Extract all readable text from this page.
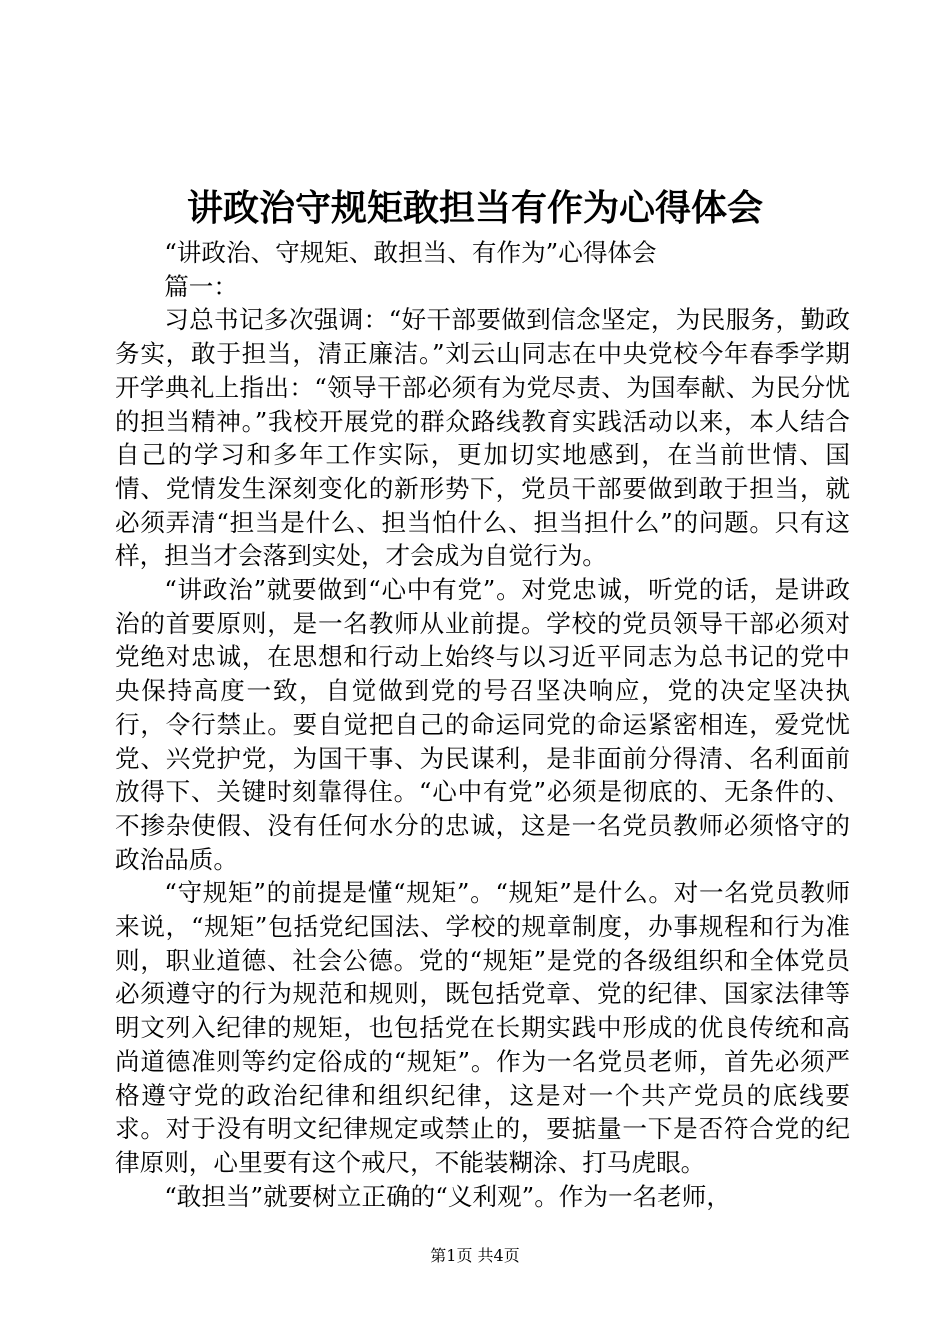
讲政治守规矩敢担当有作为心得体会

“讲政治、守规矩、敢担当、有作为”心得体会

篇一：

习总书记多次强调：“好干部要做到信念坚定，为民服务，勤政务实，敢于担当，清正廉洁。”刘云山同志在中央党校今年春季学期开学典礼上指出：“领导干部必须有为党尽责、为国奉献、为民分忧的担当精神。”我校开展党的群众路线教育实践活动以来，本人结合自己的学习和多年工作实际，更加切实地感到，在当前世情、国情、党情发生深刻变化的新形势下，党员干部要做到敢于担当，就必须弄清“担当是什么、担当怕什么、担当担什么”的问题。只有这样，担当才会落到实处，才会成为自觉行为。

“讲政治”就要做到“心中有党”。对党忠诚，听党的话，是讲政治的首要原则，是一名教师从业前提。学校的党员领导干部必须对党绝对忠诚，在思想和行动上始终与以习近平同志为总书记的党中央保持高度一致，自觉做到党的号召坚决响应，党的决定坚决执行，令行禁止。要自觉把自己的命运同党的命运紧密相连，爱党忧党、兴党护党，为国干事、为民谋利，是非面前分得清、名利面前放得下、关键时刻靠得住。“心中有党”必须是彻底的、无条件的、不掺杂使假、没有任何水分的忠诚，这是一名党员教师必须恪守的政治品质。

“守规矩”的前提是懂“规矩”。“规矩”是什么。对一名党员教师来说，“规矩”包括党纪国法、学校的规章制度，办事规程和行为准则，职业道德、社会公德。党的“规矩”是党的各级组织和全体党员必须遵守的行为规范和规则，既包括党章、党的纪律、国家法律等明文列入纪律的规矩，也包括党在长期实践中形成的优良传统和高尚道德准则等约定俗成的“规矩”。作为一名党员老师，首先必须严格遵守党的政治纪律和组织纪律，这是对一个共产党员的底线要求。对于没有明文纪律规定或禁止的，要掂量一下是否符合党的纪律原则，心里要有这个戒尺，不能装糊涂、打马虎眼。

“敢担当”就要树立正确的“义利观”。作为一名老师，

第1页 共4页
